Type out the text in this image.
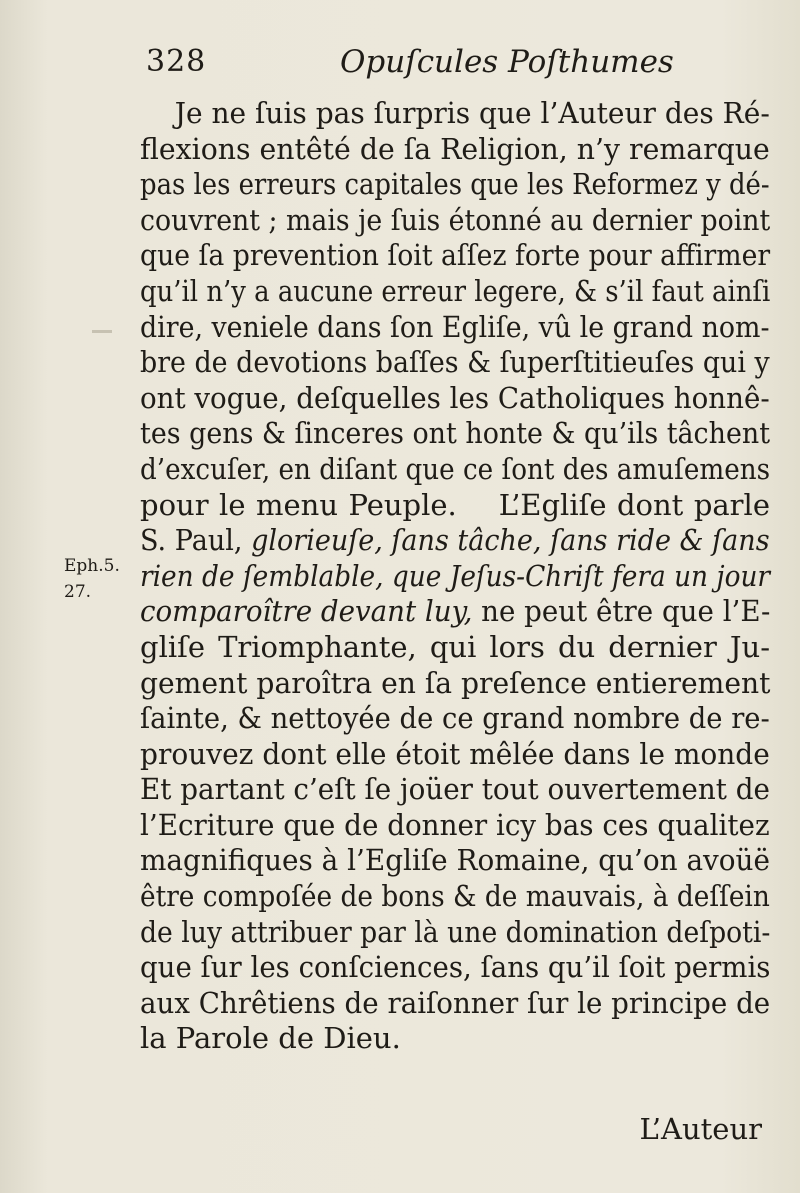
328	Opuſcules Poſthumes
Eph.5.
27.
Je ne ſuis pas ſurpris que l’Auteur des Ré-
flexions entêté de ſa Religion, n’y remarque
pas les erreurs capitales que les Reformez y dé-
couvrent ; mais je ſuis étonné au dernier point
que ſa prevention ſoit aſſez forte pour affirmer
qu’il n’y a aucune erreur legere, & s’il faut ainſi
dire, veniele dans ſon Egliſe, vû le grand nom-
bre de devotions baſſes & ſuperſtitieuſes qui y
ont vogue, deſquelles les Catholiques honnê-
tes gens & ſinceres ont honte & qu’ils tâchent
d’excuſer, en diſant que ce ſont des amuſemens
pour le menu Peuple. L’Egliſe dont parle
S. Paul, glorieuſe, ſans tâche, ſans ride & ſans
rien de ſemblable, que Jeſus-Chriſt fera un jour
comparoître devant luy, ne peut être que l’E-
gliſe Triomphante, qui lors du dernier Ju-
gement paroîtra en ſa preſence entierement
ſainte, & nettoyée de ce grand nombre de re-
prouvez dont elle étoit mêlée dans le monde
Et partant c’eſt ſe joüer tout ouvertement de
l’Ecriture que de donner icy bas ces qualitez
magnifiques à l’Egliſe Romaine, qu’on avoüë
être compoſée de bons & de mauvais, à deſſein
de luy attribuer par là une domination deſpoti-
que ſur les conſciences, ſans qu’il ſoit permis
aux Chrêtiens de raiſonner ſur le principe de
la Parole de Dieu.
L’Auteur
